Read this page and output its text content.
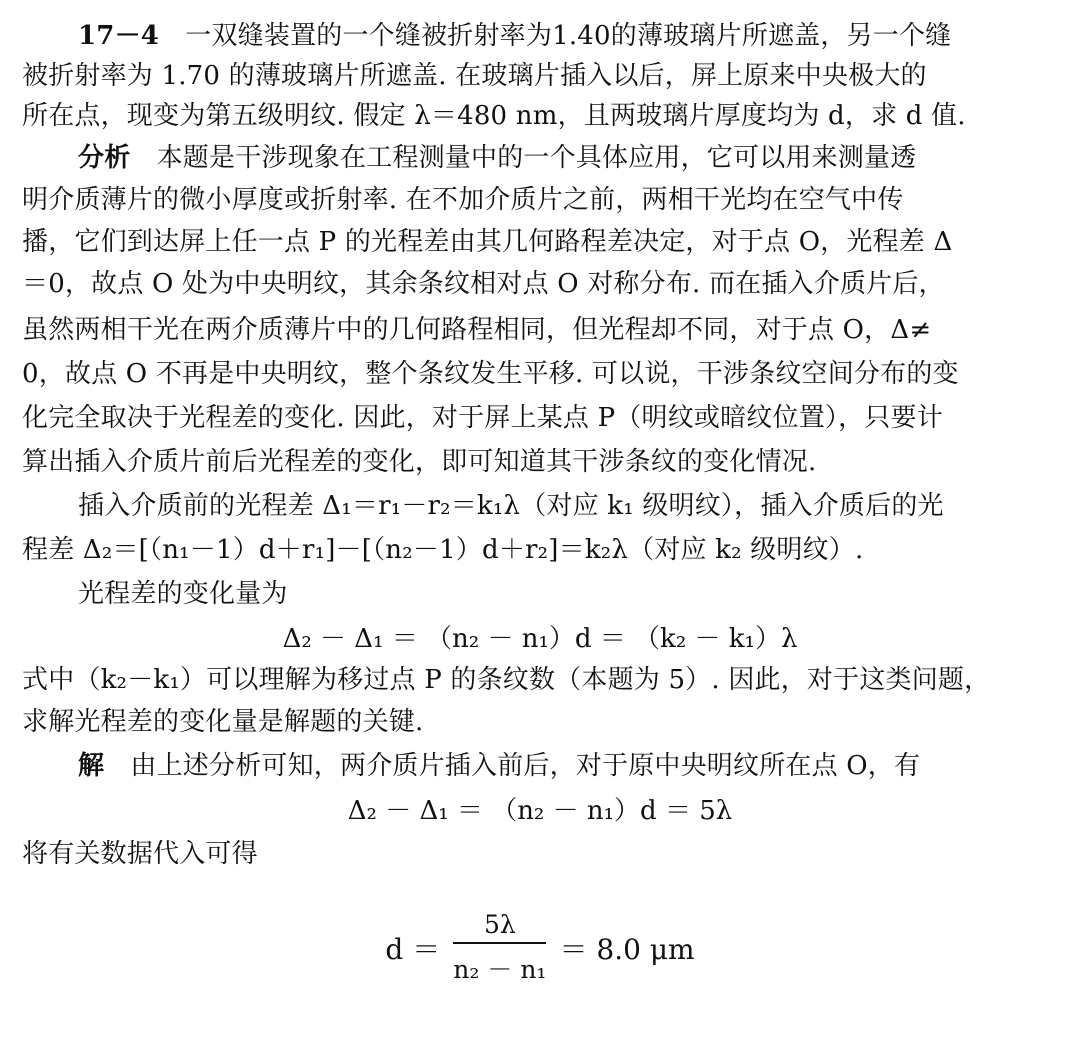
17－4　一双缝装置的一个缝被折射率为1.40的薄玻璃片所遮盖，另一个缝
被折射率为 1.70 的薄玻璃片所遮盖. 在玻璃片插入以后，屏上原来中央极大的
所在点，现变为第五级明纹. 假定 λ＝480 nm，且两玻璃片厚度均为 d，求 d 值.
分析　本题是干涉现象在工程测量中的一个具体应用，它可以用来测量透
明介质薄片的微小厚度或折射率. 在不加介质片之前，两相干光均在空气中传
播，它们到达屏上任一点 P 的光程差由其几何路程差决定，对于点 O，光程差 Δ
＝0，故点 O 处为中央明纹，其余条纹相对点 O 对称分布. 而在插入介质片后，
虽然两相干光在两介质薄片中的几何路程相同，但光程却不同，对于点 O，Δ≠
0，故点 O 不再是中央明纹，整个条纹发生平移. 可以说，干涉条纹空间分布的变
化完全取决于光程差的变化. 因此，对于屏上某点 P（明纹或暗纹位置），只要计
算出插入介质片前后光程差的变化，即可知道其干涉条纹的变化情况.
插入介质前的光程差 Δ₁＝r₁－r₂＝k₁λ（对应 k₁ 级明纹），插入介质后的光
程差 Δ₂＝[（n₁－1）d＋r₁]－[（n₂－1）d＋r₂]＝k₂λ（对应 k₂ 级明纹）.
光程差的变化量为
Δ₂ － Δ₁ ＝ （n₂ － n₁）d ＝ （k₂ － k₁）λ
式中（k₂－k₁）可以理解为移过点 P 的条纹数（本题为 5）. 因此，对于这类问题，
求解光程差的变化量是解题的关键.
解　由上述分析可知，两介质片插入前后，对于原中央明纹所在点 O，有
Δ₂ － Δ₁ ＝ （n₂ － n₁）d ＝ 5λ
将有关数据代入可得
$d = \frac{5\lambda}{\text{n₂ － n₁}} = 8.0$ μm
